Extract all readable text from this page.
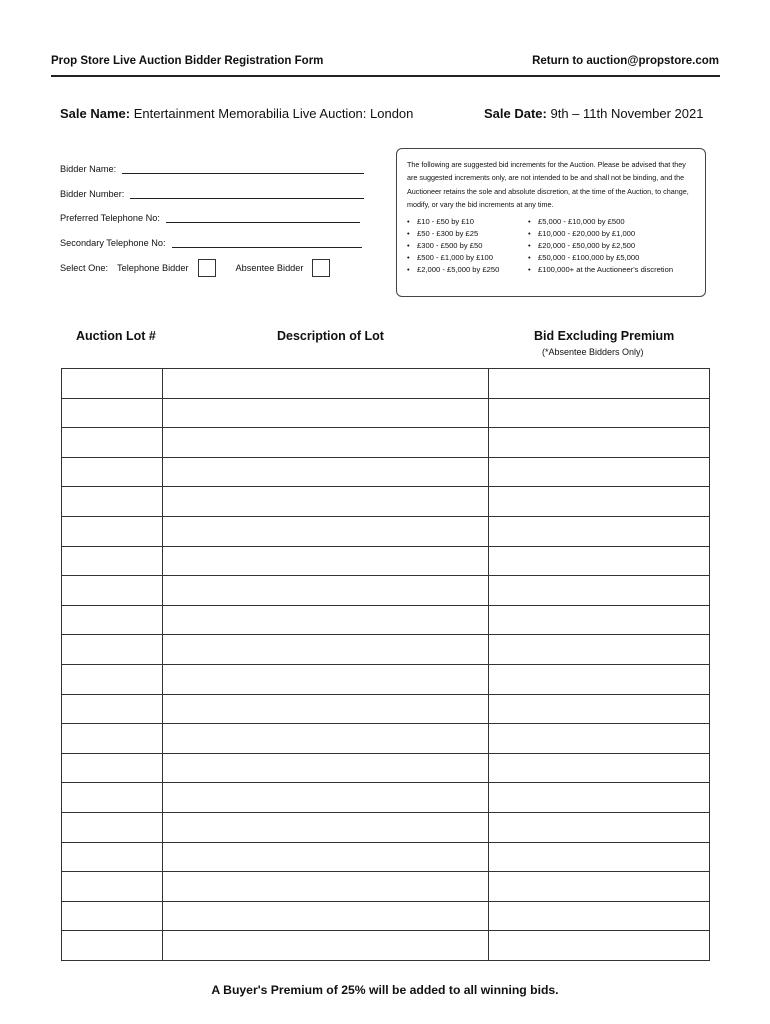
Prop Store Live Auction Bidder Registration Form	Return to auction@propstore.com
Sale Name: Entertainment Memorabilia Live Auction: London	Sale Date: 9th – 11th November 2021
Bidder Name:
Bidder Number:
Preferred Telephone No:
Secondary Telephone No:
Select One: Telephone Bidder	Absentee Bidder
The following are suggested bid increments for the Auction. Please be advised that they are suggested increments only, are not intended to be and shall not be binding, and the Auctioneer retains the sole and absolute discretion, at the time of the Auction, to change, modify, or vary the bid increments at any time.
• £10 - £50 by £10
• £50 - £300 by £25
• £300 - £500 by £50
• £500 - £1,000 by £100
• £2,000 - £5,000 by £250
• £5,000 - £10,000 by £500
• £10,000 - £20,000 by £1,000
• £20,000 - £50,000 by £2,500
• £50,000 - £100,000 by £5,000
• £100,000+ at the Auctioneer's discretion
Auction Lot #	Description of Lot	Bid Excluding Premium
(*Absentee Bidders Only)

A Buyer's Premium of 25% will be added to all winning bids.
